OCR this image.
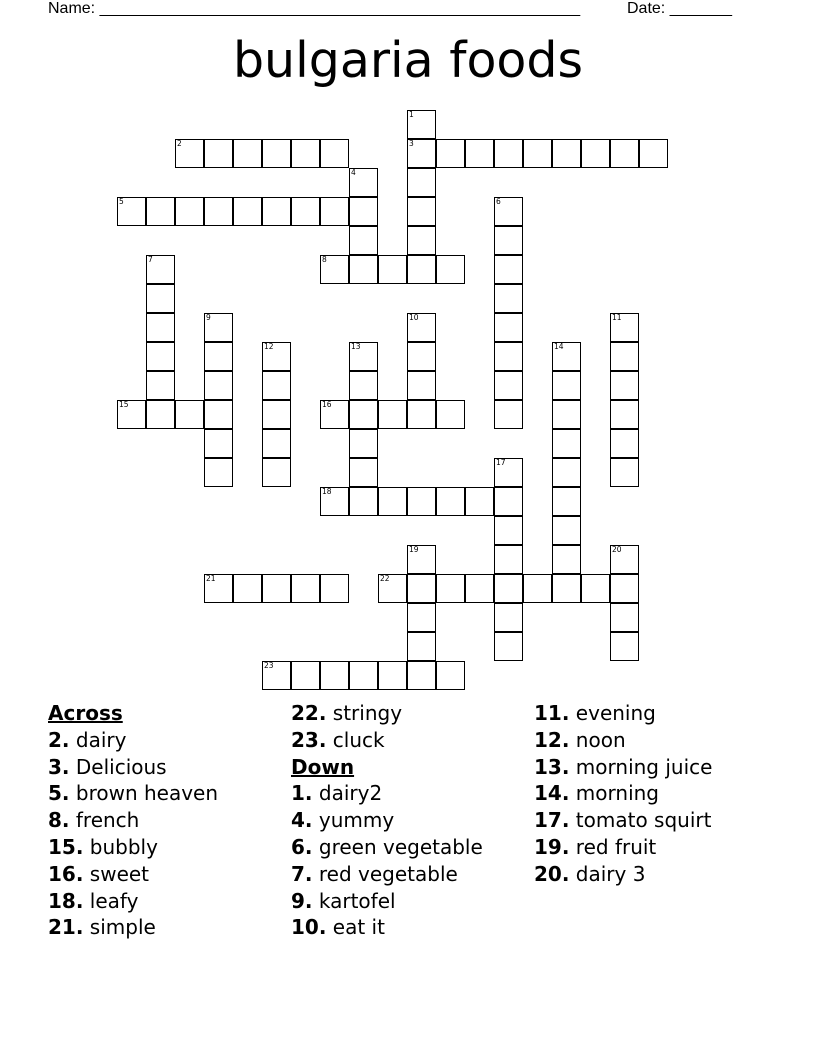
Name: ______________________________________________________	Date: _______
bulgaria foods
1
3
2
4
5	6
7	8
9	10	11
12	13	14
15	16
17
18
19	20
21	22
23
Across
2. dairy
3. Delicious
5. brown heaven
8. french
15. bubbly
16. sweet
18. leafy
21. simple
22. stringy
23. cluck
Down
1. dairy2
4. yummy
6. green vegetable
7. red vegetable
9. kartofel
10. eat it
11. evening
12. noon
13. morning juice
14. morning
17. tomato squirt
19. red fruit
20. dairy 3
